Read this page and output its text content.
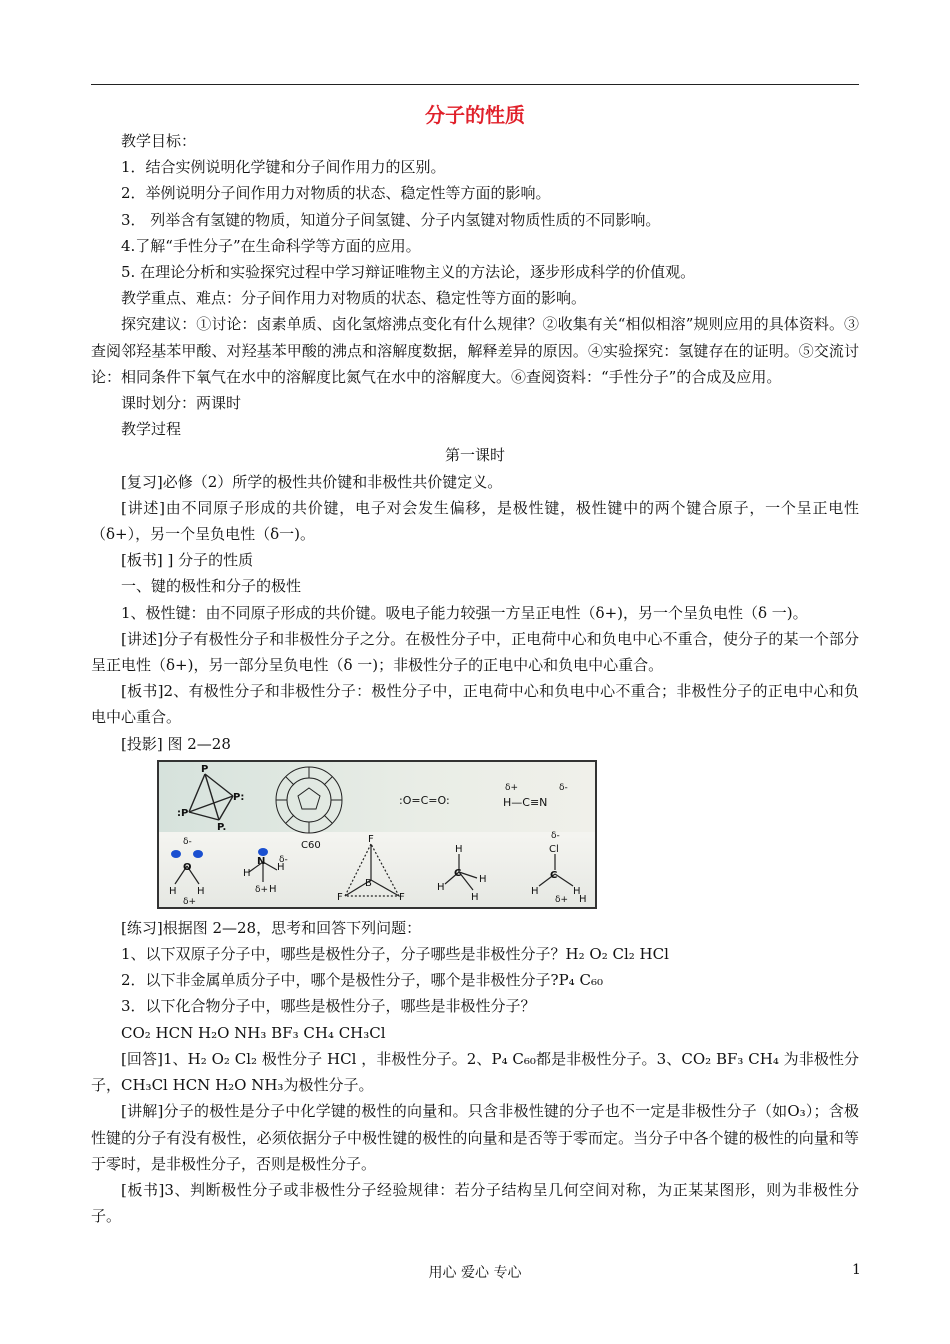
分子的性质

教学目标：

1．结合实例说明化学键和分子间作用力的区别。

2．举例说明分子间作用力对物质的状态、稳定性等方面的影响。

3． 列举含有氢键的物质，知道分子间氢键、分子内氢键对物质性质的不同影响。

4.了解“手性分子”在生命科学等方面的应用。

5. 在理论分析和实验探究过程中学习辩证唯物主义的方法论，逐步形成科学的价值观。

教学重点、难点：分子间作用力对物质的状态、稳定性等方面的影响。

探究建议：①讨论：卤素单质、卤化氢熔沸点变化有什么规律？②收集有关“相似相溶”规则应用的具体资料。③查阅邻羟基苯甲酸、对羟基苯甲酸的沸点和溶解度数据，解释差异的原因。④实验探究：氢键存在的证明。⑤交流讨论：相同条件下氧气在水中的溶解度比氮气在水中的溶解度大。⑥查阅资料：“手性分子”的合成及应用。

课时划分：两课时

教学过程

第一课时

[复习]必修（2）所学的极性共价键和非极性共价键定义。

[讲述]由不同原子形成的共价键，电子对会发生偏移，是极性键，极性键中的两个键合原子，一个呈正电性（δ+），另一个呈负电性（δ一)。

[板书] ] 分子的性质

一、键的极性和分子的极性

1、极性键：由不同原子形成的共价键。吸电子能力较强一方呈正电性（δ+)，另一个呈负电性（δ 一)。

[讲述]分子有极性分子和非极性分子之分。在极性分子中，正电荷中心和负电中心不重合，使分子的某一个部分呈正电性（δ+)，另一部分呈负电性（δ 一)；非极性分子的正电中心和负电中心重合。

[板书]2、有极性分子和非极性分子：极性分子中，正电荷中心和负电中心不重合；非极性分子的正电中心和负电中心重合。

[投影] 图 2—28

P
P:
:P
P.
C60
:O=C=O:
δ+	δ-
H—C≡N
δ-
O
H H
δ+
N
H
H
δ-
δ+ H
F
B
F	F
H
C
H
H
H
δ-
Cl
C
H	H
δ+ H

[练习]根据图 2—28，思考和回答下列问题：

1、以下双原子分子中，哪些是极性分子，分子哪些是非极性分子？H₂ O₂ Cl₂ HCl

2．以下非金属单质分子中，哪个是极性分子，哪个是非极性分子?P₄ C₆₀

3．以下化合物分子中，哪些是极性分子，哪些是非极性分子？

CO₂ HCN H₂O NH₃ BF₃ CH₄ CH₃Cl

[回答]1、H₂ O₂ Cl₂ 极性分子 HCl ，非极性分子。2、P₄ C₆₀都是非极性分子。3、CO₂ BF₃ CH₄ 为非极性分子，CH₃Cl HCN H₂O NH₃为极性分子。

[讲解]分子的极性是分子中化学键的极性的向量和。只含非极性键的分子也不一定是非极性分子（如O₃）；含极性键的分子有没有极性，必须依据分子中极性键的极性的向量和是否等于零而定。当分子中各个键的极性的向量和等于零时，是非极性分子，否则是极性分子。

[板书]3、判断极性分子或非极性分子经验规律：若分子结构呈几何空间对称，为正某某图形，则为非极性分子。

用心 爱心 专心	1
